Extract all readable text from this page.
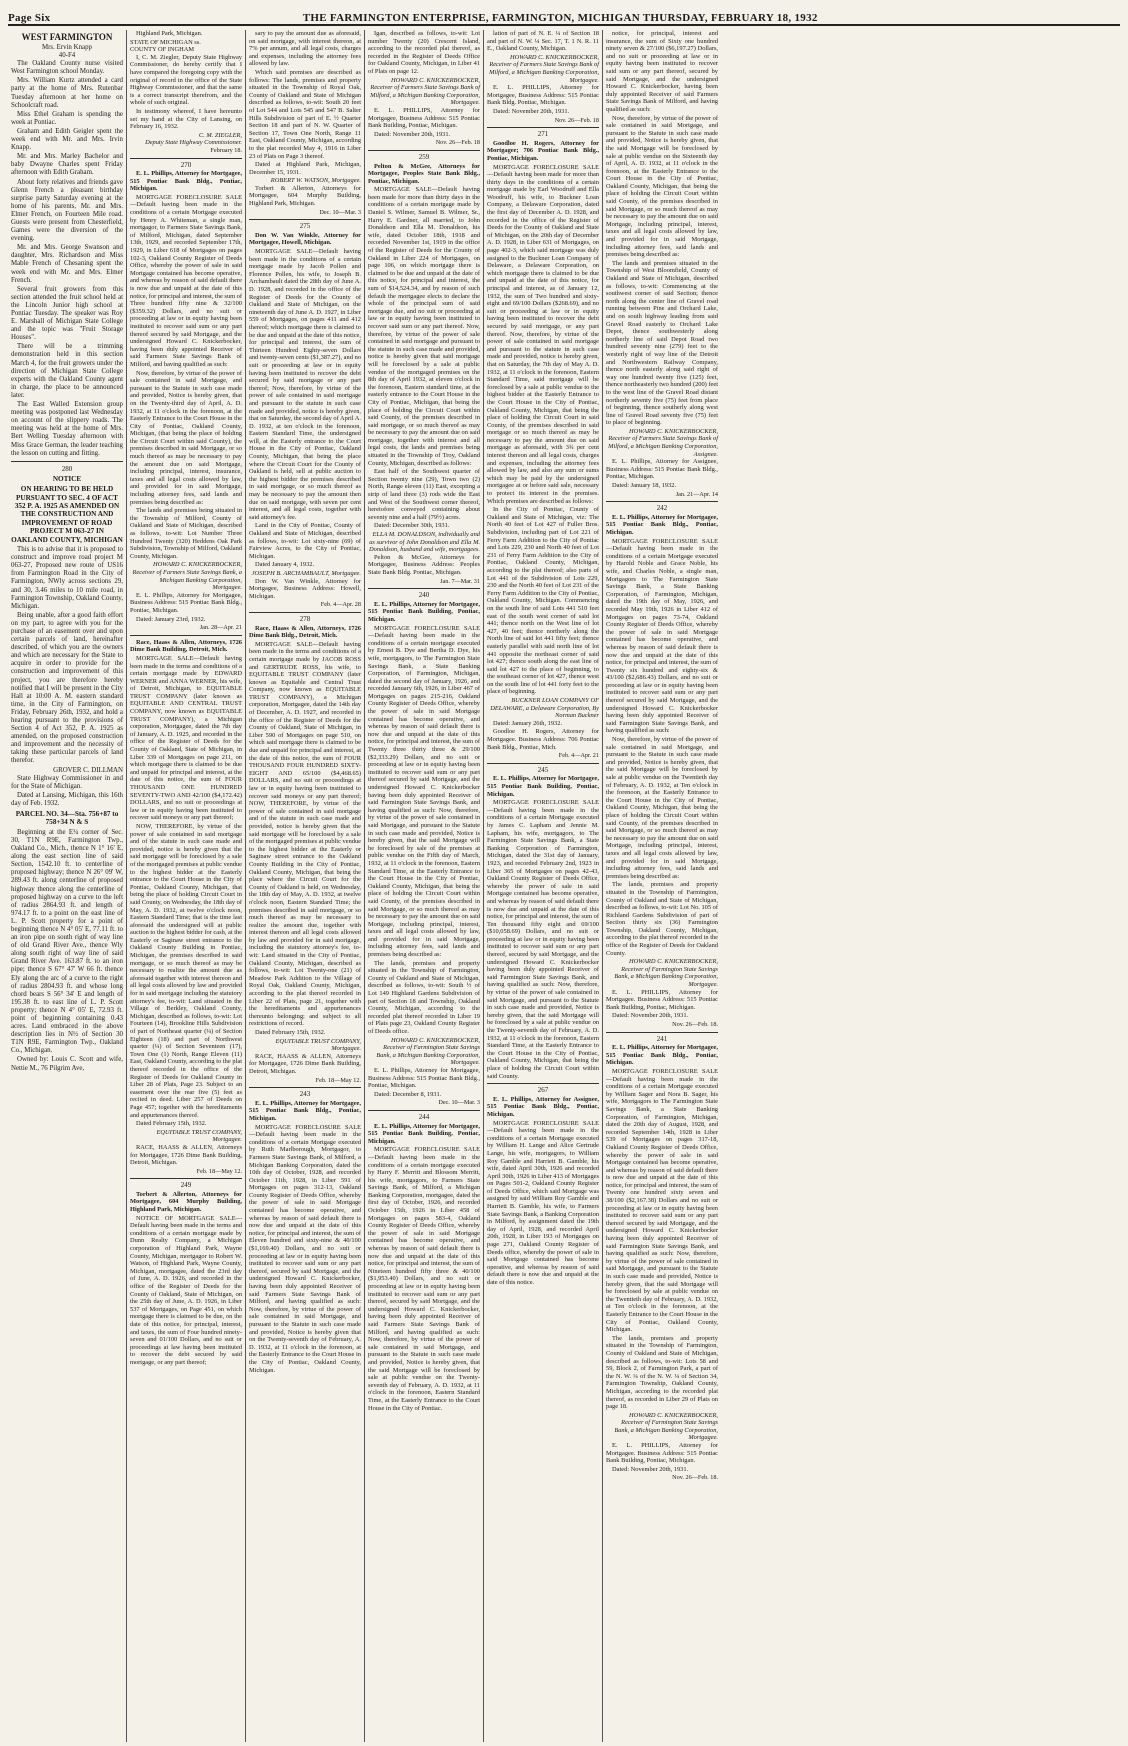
Page Six	THE FARMINGTON ENTERPRISE, FARMINGTON, MICHIGAN THURSDAY, FEBRUARY 18, 1932
WEST FARMINGTON
Mrs. Ervin Knapp
40-F4

The Oakland County nurse visited West Farmington school Monday.

Mrs. William Kurtz attended a card party at the home of Mrs. Rutenbar Tuesday afternoon at her home on Schoolcraft road.

Miss Ethel Graham is spending the week at Pontiac.

Graham and Edith Geigler spent the week end with Mr. and Mrs. Irvin Knapp.

Mr. and Mrs. Marley Bachelor and baby Dwayne Charles spent Friday afternoon with Edith Graham.

About forty relatives and friends gave Glenn French a pleasant birthday surprise party Saturday evening at the home of his parents, Mr. and Mrs. Elmer French, on Fourteen Mile road. Guests were present from Chesterfield, Games were the diversion of the evening.

Mr. and Mrs. George Swanson and daughter, Mrs. Richardson and Miss Mable French of Chesaning spent the week end with Mr. and Mrs. Elmer French.

Several fruit growers from this section attended the fruit school held at the Lincoln Junior high school at Pontiac Tuesday. The speaker was Roy E. Marshall of Michigan State College and the topic was "Fruit Storage Houses".

There will be a trimming demonstration held in this section March 4, for the fruit growers under the direction of Michigan State College experts with the Oakland County agent in charge, the place to be announced later.

The East Walled Extension group meeting was postponed last Wednesday on account of the slippery roads. The meeting was held at the home of Mrs. Bert Welling Tuesday afternoon with Miss Grace German, the leader teaching the lesson on cutting and fitting.

280
NOTICE
ON HEARING TO BE HELD PURSUANT TO SEC. 4 OF ACT 352 P. A. 1925 AS AMENDED ON THE CONSTRUCTION AND IMPROVEMENT OF ROAD PROJECT M 063-27 IN OAKLAND COUNTY, MICHIGAN

This is to advise that it is proposed to construct and improve road project M 063-27, Proposed new route of US16 from Farmington Road in the City of Farmington, NWly across sections 29, and 30, 3.46 miles to 10 mile road, in Farmington Township, Oakland County, Michigan.

Being unable, after a good faith effort on my part, to agree with you for the purchase of an easement over and upon certain parcels of land, hereinafter described, of which you are the owners and which are necessary for the State to acquire in order to provide for the construction and improvement of this project, you are therefore hereby notified that I will be present in the City Hall at 10:00 A. M. eastern standard time, in the City of Farmington, on Friday, February 26th, 1932, and hold a hearing pursuant to the provisions of Section 4 of Act 352, P. A. 1925 as amended, on the proposed construction and improvement and the necessity of taking these particular parcels of land therefor.

GROVER C. DILLMAN

State Highway Commissioner in and for the State of Michigan.

Dated at Lansing, Michigan, this 16th day of Feb. 1932.

PARCEL NO. 34—Sta. 756+87 to 758+34 N & S

Beginning at the E¼ corner of Sec. 30, T1N R9E, Farmington Twp., Oakland Co., Mich., thence N 1° 16' E, along the east section line of said Section, 1542.10 ft. to centerline of proposed highway; thence N 26° 09' W, 289.43 ft. along centerline of proposed highway thence along the centerline of proposed highway on a curve to the left of radius 2864.93 ft. and length of 974.17 ft. to a point on the east line of L. P. Scott property for a point of beginning thence N 4° 05' E, 77.11 ft. to an iron pipe on south right of way line of old Grand River Ave., thence Wly along south right of way line of said Grand River Ave. 163.87 ft. to an iron pipe; thence S 67° 47' W 66 ft. thence Ely along the arc of a curve to the right of radius 2804.93 ft. and whose long chord bears S 56° 34' E and length of 195.38 ft. to east line of L. P. Scott property; thence N 4° 05' E, 72.93 ft. point of beginning containing 0.43 acres. Land embraced in the above description lies in N½ of Section 30 T1N R9E, Farmington Twp., Oakland Co., Michigan.

Owned by: Louis C. Scott and wife, Nettie M., 76 Pilgrim Ave,

Highland Park, Michigan.

STATE OF MICHIGAN ss.
COUNTY OF INGHAM

I, C. M. Ziegler, Deputy State Highway Commissioner, do hereby certify that I have compared the foregoing copy with the original of record in the office of the State Highway Commissioner, and that the same is a correct transcript therefrom, and the whole of such original.

In testimony whereof, I have hereunto set my hand at the City of Lansing, on February 16, 1932.

C. M. ZIEGLER,
Deputy State Highway Commissioner.
February 18.
270

E. L. Phillips, Attorney for Mortgagee, 515 Pontiac Bank Bldg., Pontiac, Michigan.

MORTGAGE FORECLOSURE SALE—Default having been made in the conditions of a certain Mortgage executed by Henry A. Whiteman, a single man, mortgagor, to Farmers State Savings Bank, of Milford, Michigan, dated September 13th, 1929, and recorded September 17th, 1929, in Liber 618 of Mortgages on pages 102-3, Oakland County Register of Deeds Office, whereby the power of sale in said Mortgage contained has become operative, and whereas by reason of said default there is now due and unpaid at the date of this notice, for principal and interest, the sum of Three hundred fifty nine & 32/100 ($359.32) Dollars, and no suit or proceeding at law or in equity having been instituted to recover said sum or any part thereof secured by said Mortgage, and the undersigned Howard C. Knickerbocker, having been duly appointed Receiver of said Farmers State Savings Bank of Milford, and having qualified as such:

Now, therefore, by virtue of the power of sale contained in said Mortgage, and pursuant to the Statute in such case made and provided, Notice is hereby given, that on the Twenty-third day of April, A. D. 1932, at 11 o'clock in the forenoon, at the Easterly Entrance to the Court House in the City of Pontiac, Oakland County, Michigan, (that being the place of holding the Circuit Court within said County), the premises described in said Mortgage, or so much thereof as may be necessary to pay the amount due on said Mortgage, including principal, interest, insurance, taxes and all legal costs allowed by law, and provided for in said Mortgage, including attorney fees, said lands and premises being described as:

The lands and premises being situated in the Township of Milford, County of Oakland and State of Michigan, described as follows, to-wit: Lot Number Three Hundred Twenty (320) Heddens Oak Park Subdivision, Township of Milford, Oakland County, Michigan.

HOWARD C. KNICKERBOCKER, Receiver of Farmers State Savings Bank, a Michigan Banking Corporation, Mortgagee.

E. L. Phillips, Attorney for Mortgagee, Business Address: 515 Pontiac Bank Bldg., Pontiac, Michigan.

Dated: January 23rd, 1932.

Jan. 28—Apr. 21

Race, Haass & Allen, Attorneys, 1726 Dime Bank Building, Detroit, Mich.

MORTGAGE SALE—Default having been made in the terms and conditions of a certain mortgage made by EDWARD WERNER and ANNA WERNER, his wife, of Detroit, Michigan, to EQUITABLE TRUST COMPANY (later known as EQUITABLE AND CENTRAL TRUST COMPANY, now known as EQUITABLE TRUST COMPANY), a Michigan corporation, Mortgagee, dated the 7th day of January, A. D. 1925, and recorded in the office of the Register of Deeds for the County of Oakland, State of Michigan, in Liber 339 of Mortgages on page 211, on which mortgage there is claimed to be due and unpaid for principal and interest, at the date of this notice, the sum of FOUR THOUSAND ONE HUNDRED SEVENTY-TWO AND 42/100 ($4,172.42) DOLLARS, and no suit or proceedings at law or in equity having been instituted to recover said moneys or any part thereof;

NOW, THEREFORE, by virtue of the power of sale contained in said mortgage and of the statute in such case made and provided, notice is hereby given that the said mortgage will be foreclosed by a sale of the mortgaged premises at public vendue to the highest bidder at the Easterly entrance to the Court House in the City of Pontiac, Oakland County, Michigan, that being the place of holding Circuit Court in said County, on Wednesday, the 18th day of May, A. D. 1932, at twelve o'clock noon, Eastern Standard Time; that is the time last aforesaid the undersigned will at public auction to the highest bidder for cash, at the Easterly or Saginaw street entrance to the Oakland County Building in Pontiac, Michigan, the premises described in said mortgage, or so much thereof as may be necessary to realize the amount due as aforesaid together with interest thereon and all legal costs allowed by law and provided for in said mortgage including the statutory attorney's fee, to-wit: Land situated in the Village of Berkley, Oakland County, Michigan, described as follows, to-wit: Lot Fourteen (14), Brookline Hills Subdivision of part of Northeast quarter (¼) of Section Eighteen (18) and part of Northwest quarter (¼) of Section Seventeen (17), Town One (1) North, Range Eleven (11) East, Oakland County, according to the plat thereof recorded in the office of the Register of Deeds for Oakland County in Liber 28 of Plats, Page 23. Subject to an easement over the rear five (5) feet as recited in deed. Liber 257 of Deeds on Page 457; together with the hereditaments and appurtenances thereof.

Dated February 15th, 1932.

EQUITABLE TRUST COMPANY, Mortgagee.

RACE, HAASS & ALLEN, Attorneys for Mortgagee, 1726 Dime Bank Building, Detroit, Michigan.

Feb. 18—May 12.
249

Torbert & Allerton, Attorneys for Mortgagee, 604 Murphy Building, Highland Park, Michigan.

NOTICE OF MORTGAGE SALE—Default having been made in the terms and conditions of a certain mortgage made by Dunn Realty Company, a Michigan corporation of Highland Park, Wayne County, Michigan, mortgagor to Robert W. Watson, of Highland Park, Wayne County, Michigan, mortgagee, dated the 23rd day of June, A. D. 1926, and recorded in the office of the Register of Deeds for the County of Oakland, State of Michigan, on the 25th day of June, A. D. 1926, in Liber 537 of Mortgages, on Page 451, on which mortgage there is claimed to be due, on the date of this notice, for principal, interest, and taxes, the sum of Four hundred ninety-seven and 01/100 Dollars, and no suit or proceedings at law having been instituted to recover the debt secured by said mortgage, or any part thereof;

sary to pay the amount due as aforesaid, on said mortgage, with interest thereon, at 7% per annum, and all legal costs, charges and expenses, including the attorney fees allowed by law.

Which said premises are described as follows: The lands, premises and property situated in the Township of Royal Oak, County of Oakland and State of Michigan described as follows, to-wit: South 20 feet of Lot 544 and Lots 545 and 547 B. Salter Hills Subdivision of part of E. ½ Quarter Section 18 and part of N. W. Quarter of Section 17, Town One North, Range 11 East, Oakland County, Michigan, according to the plat recorded May 4, 1916 in Liber 23 of Plats on Page 3 thereof.

Dated at Highland Park, Michigan, December 15, 1931.

ROBERT W. WATSON, Mortgagee.

Torbert & Allerton, Attorneys for Mortgagee, 604 Murphy Building, Highland Park, Michigan.

Dec. 10—Mar. 3
275

Don W. Van Winkle, Attorney for Mortgagee, Howell, Michigan.

MORTGAGE SALE—Default having been made in the conditions of a certain mortgage made by Jacob Pollen and Florence Pollen, his wife, to Joseph B. Archambault dated the 28th day of June A. D. 1928, and recorded in the office of the Register of Deeds for the County of Oakland and State of Michigan, on the nineteenth day of June A. D. 1927, in Liber 559 of Mortgages, on pages 411 and 412 thereof; which mortgage there is claimed to be due and unpaid at the date of this notice, for principal and interest, the sum of Thirteen Hundred Eighty-seven Dollars and twenty-seven cents ($1,387.27), and no suit or proceeding at law or in equity having been instituted to recover the debt secured by said mortgage or any part thereof; Now, therefore, by virtue of the power of sale contained in said mortgage and pursuant to the statute in such case made and provided, notice is hereby given, that on Saturday, the second day of April A. D. 1932, at ten o'clock in the forenoon, Eastern Standard Time, the undersigned will, at the Easterly entrance to the Court House in the City of Pontiac, Oakland County, Michigan, that being the place where the Circuit Court for the County of Oakland is held, sell at public auction to the highest bidder the premises described in said mortgage, or so much thereof as may be necessary to pay the amount then due on said mortgage, with seven per cent interest, and all legal costs, together with said attorney's fee.

Land in the City of Pontiac, County of Oakland and State of Michigan, described as follows, to-wit: Lot sixty-nine (69) of Fairview Acres, to the City of Pontiac, Michigan.

Dated January 4, 1932.

JOSEPH B. ARCHAMBAULT, Mortgagee.

Don W. Van Winkle, Attorney for Mortgagee, Business Address: Howell, Michigan.

Feb. 4—Apr. 28
278

Race, Haass & Allen, Attorneys, 1726 Dime Bank Bldg., Detroit, Mich.

MORTGAGE SALE—Default having been made in the terms and conditions of a certain mortgage made by JACOB ROSS and GERTRUDE ROSS, his wife, to EQUITABLE TRUST COMPANY (later known as Equitable and Central Trust Company, now known as EQUITABLE TRUST COMPANY), a Michigan corporation, Mortgagee, dated the 14th day of December, A. D. 1927, and recorded in the office of the Register of Deeds for the County of Oakland, State of Michigan, in Liber 590 of Mortgages on page 510, on which said mortgage there is claimed to be due and unpaid for principal and interest, at the date of this notice, the sum of FOUR THOUSAND FOUR HUNDRED SIXTY-EIGHT AND 65/100 ($4,468.65) DOLLARS, and no suit or proceedings at law or in equity having been instituted to recover said moneys or any part thereof; NOW, THEREFORE, by virtue of the power of sale contained in said mortgage and of the statute in such case made and provided, notice is hereby given that the said mortgage will be foreclosed by a sale of the mortgaged premises at public vendue to the highest bidder at the Easterly or Saginaw street entrance to the Oakland County Building in the City of Pontiac, Oakland County, Michigan, that being the place where the Circuit Court for the County of Oakland is held, on Wednesday, the 18th day of May, A. D. 1932, at twelve o'clock noon, Eastern Standard Time; the premises described in said mortgage, or so much thereof as may be necessary to realize the amount due, together with interest thereon and all legal costs allowed by law and provided for in said mortgage, including the statutory attorney's fee, to-wit: Land situated in the City of Pontiac, Oakland County, Michigan, described as follows, to-wit: Lot Twenty-one (21) of Meadow Park Addition to the Village of Royal Oak, Oakland County, Michigan, according to the plat thereof recorded in Liber 22 of Plats, page 21, together with the hereditaments and appurtenances thereunto belonging; and subject to all restrictions of record.

Dated February 15th, 1932.

EQUITABLE TRUST COMPANY, Mortgagee.

RACE, HAASS & ALLEN, Attorneys for Mortgagee, 1726 Dime Bank Building, Detroit, Michigan.

Feb. 18—May 12.
243

E. L. Phillips, Attorney for Mortgagee, 515 Pontiac Bank Bldg., Pontiac, Michigan.

MORTGAGE FORECLOSURE SALE—Default having been made in the conditions of a certain Mortgage executed by Ruth Marlborough, Mortgagor, to Farmers State Savings Bank, of Milford, a Michigan Banking Corporation, dated the 10th day of October, 1928, and recorded October 11th, 1928, in Liber 591 of Mortgages on pages 312-13, Oakland County Register of Deeds Office, whereby the power of sale in said Mortgage contained has become operative, and whereas by reason of said default there is now due and unpaid at the date of this notice, for principal and interest, the sum of Eleven hundred and sixty-nine & 40/100 ($1,169.40) Dollars, and no suit or proceeding at law or in equity having been instituted to recover said sum or any part thereof, secured by said Mortgage, and the undersigned Howard C. Knickerbocker, having been duly appointed Receiver of said Farmers State Savings Bank of Milford, and having qualified as such: Now, therefore, by virtue of the power of sale contained in said Mortgage, and pursuant to the Statute in such case made and provided, Notice is hereby given that on the Twenty-seventh day of February, A. D. 1932, at 11 o'clock in the forenoon, at the Easterly Entrance to the Court House in the City of Pontiac, Oakland County, Michigan.

Igan, described as follows, to-wit: Lot number Twenty (20) Crescent Island, according to the recorded plat thereof, as recorded in the Register of Deeds Office for Oakland County, Michigan, in Liber 41 of Plats on page 12.

HOWARD C. KNICKERBOCKER, Receiver of Farmers State Savings Bank of Milford, a Michigan Banking Corporation, Mortgagee.

E. L. PHILLIPS, Attorney for Mortgagee, Business Address: 515 Pontiac Bank Building, Pontiac, Michigan.

Dated: November 20th, 1931.

Nov. 26—Feb. 18
259

Pelton & McGee, Attorneys for Mortgagee, Peoples State Bank Bldg., Pontiac, Michigan.

MORTGAGE SALE—Default having been made for more than thirty days in the conditions of a certain mortgage made by Daniel S. Wilmer, Samuel B. Wilmer, Sr., Harry E. Gardner, all married, to John Donaldson and Ella M. Donaldson, his wife, dated October 18th, 1918 and recorded November 1st, 1919 in the office of the Register of Deeds for the County of Oakland in Liber 224 of Mortgages, on page 106, on which mortgage there is claimed to be due and unpaid at the date of this notice, for principal and interest, the sum of $14,524.34, and by reason of such default the mortgagee elects to declare the whole of the principal sum of said mortgage due, and no suit or proceeding at law or in equity having been instituted to recover said sum or any part thereof. Now, therefore, by virtue of the power of sale contained in said mortgage and pursuant to the statute in such case made and provided, notice is hereby given that said mortgage will be foreclosed by a sale at public vendue of the mortgaged premises on the 8th day of April 1932, at eleven o'clock in the forenoon, Eastern standard time, at the easterly entrance to the Court House in the City of Pontiac, Michigan, that being the place of holding the Circuit Court within said County, of the premises described in said mortgage, or so much thereof as may be necessary to pay the amount due on said mortgage, together with interest and all legal costs, the lands and premises being situated in the Township of Troy, Oakland County, Michigan, described as follows:

East half of the Southwest quarter of Section twenty nine (29), Town two (2) North, Range eleven (11) East, excepting a strip of land three (3) rods wide the East and West of the Southwest corner thereof, heretofore conveyed containing about seventy nine and a half (79½) acres.

Dated: December 30th, 1931.

ELLA M. DONALDSON, individually and as survivor of John Donaldson and Ella M. Donaldson, husband and wife, mortgagees.

Pelton & McGee, Attorneys for Mortgagee, Business Address: Peoples State Bank Bldg. Pontiac, Michigan.

Jan. 7—Mar. 31
240

E. L. Phillips, Attorney for Mortgagee, 515 Pontiac Bank Building, Pontiac, Michigan.

MORTGAGE FORECLOSURE SALE—Default having been made in the conditions of a certain mortgage executed by Ernest B. Dye and Bertha D. Dye, his wife, mortgagors, to The Farmington State Savings Bank, a State Banking Corporation, of Farmington, Michigan, dated the second day of January, 1926, and recorded January 6th, 1926, in Liber 467 of Mortgages on pages 215-216, Oakland County Register of Deeds Office, whereby the power of sale in said Mortgage contained has become operative, and whereas by reason of said default there is now due and unpaid at the date of this notice, for principal and interest, the sum of Twenty three thirty three & 29/100 ($2,333.29) Dollars, and no suit or proceeding at law or in equity having been instituted to recover said sum or any part thereof secured by said Mortgage, and the undersigned Howard C. Knickerbocker having been duly appointed Receiver of said Farmington State Savings Bank, and having qualified as such: Now, therefore, by virtue of the power of sale contained in said Mortgage, and pursuant to the Statute in such case made and provided, Notice is hereby given, that the said Mortgage will be foreclosed by sale of the premises at public vendue on the Fifth day of March, 1932, at 11 o'clock in the forenoon, Eastern Standard Time, at the Easterly Entrance to the Court House in the City of Pontiac, Oakland County, Michigan, that being the place of holding the Circuit Court within said County, of the premises described in said Mortgage, or so much thereof as may be necessary to pay the amount due on said Mortgage, including principal, interest, taxes and all legal costs allowed by law, and provided for in said Mortgage, including attorney fees, said lands and premises being described as:

The lands, premises and property situated in the Township of Farmington, County of Oakland and State of Michigan, described as follows, to-wit: South ½ of Lot 149 Highland Gardens Subdivision of part of Section 18 and Township, Oakland County, Michigan, according to the recorded plat thereof recorded in Liber 19 of Plats page 23, Oakland County Register of Deeds office.

HOWARD C. KNICKERBOCKER, Receiver of Farmington State Savings Bank, a Michigan Banking Corporation, Mortgagee.

E. L. Phillips, Attorney for Mortgagee, Business Address: 515 Pontiac Bank Bldg., Pontiac, Michigan.

Dated: December 8, 1931.

Dec. 10—Mar. 3
244

E. L. Phillips, Attorney for Mortgagee, 515 Pontiac Bank Building, Pontiac, Michigan.

MORTGAGE FORECLOSURE SALE—Default having been made in the conditions of a certain mortgage executed by Harry F. Merritt and Blossom Merritt, his wife, mortgagors, to Farmers State Savings Bank, of Milford, a Michigan Banking Corporation, mortgagee, dated the first day of October, 1926, and recorded October 15th, 1926 in Liber 458 of Mortgages on pages 583-4, Oakland County Register of Deeds Office, whereby the power of sale in said Mortgage contained has become operative, and whereas by reason of said default there is now due and unpaid at the date of this notice, for principal and interest, the sum of Nineteen hundred fifty three & 40/100 ($1,953.40) Dollars, and no suit or proceeding at law or in equity having been instituted to recover said sum or any part thereof, secured by said Mortgage, and the undersigned Howard C. Knickerbocker, having been duly appointed Receiver of said Farmers State Savings Bank of Milford, and having qualified as such: Now, therefore, by virtue of the power of sale contained in said Mortgage, and pursuant to the Statute in such case made and provided, Notice is hereby given, that the said Mortgage will be foreclosed by sale at public vendue on the Twenty-seventh day of February, A. D. 1932, at 11 o'clock in the forenoon, Eastern Standard Time, at the Easterly Entrance to the Court House in the City of Pontiac.

lation of part of N. E. ¼ of Section 18 and part of N. W. ¼ Sec. 17, T. 1 N. R. 11 E., Oakland County, Michigan.

HOWARD C. KNICKERBOCKER, Receiver of Farmers State Savings Bank of Milford, a Michigan Banking Corporation, Mortgagee.

E. L. PHILLIPS, Attorney for Mortgagee, Business Address: 515 Pontiac Bank Bldg. Pontiac, Michigan.

Dated: November 20th, 1931.

Nov. 26—Feb. 18
271

Goodloe H. Rogers, Attorney for Mortgagee; 706 Pontiac Bank Bldg., Pontiac, Michigan.

MORTGAGE FORECLOSURE SALE—Default having been made for more than thirty days in the conditions of a certain mortgage made by Earl Woodruff and Ella Woodruff, his wife, to Buckner Loan Company, a Delaware Corporation, dated the first day of December A. D. 1928, and recorded in the office of the Register of Deeds for the County of Oakland and State of Michigan, on the 20th day of December A. D. 1928, in Liber 631 of Mortgages, on page 402-3, which said mortgage was duly assigned to the Buckner Loan Company of Delaware, a Delaware Corporation, on which mortgage there is claimed to be due and unpaid at the date of this notice, for principal and interest, as of January 12, 1932, the sum of Two hundred and sixty-eight and 69/100 Dollars ($268.69), and no suit or proceeding at law or in equity having been instituted to recover the debt secured by said mortgage, or any part thereof. Now, therefore, by virtue of the power of sale contained in said mortgage and pursuant to the statute in such case made and provided, notice is hereby given, that on Saturday, the 7th day of May A. D. 1932, at 11 o'clock in the forenoon, Eastern Standard Time, said mortgage will be foreclosed by a sale at public vendue to the highest bidder at the Easterly Entrance to the Court House in the City of Pontiac, Oakland County, Michigan, that being the place of holding the Circuit Court in said County, of the premises described in said mortgage or so much thereof as may be necessary to pay the amount due on said mortgage as aforesaid, with 3¾ per cent interest thereon and all legal costs, charges and expenses, including the attorney fees allowed by law, and also any sum or sums which may be paid by the undersigned mortgagee at or before said sale, necessary to protect its interest in the premises. Which premises are described as follows:

In the City of Pontiac, County of Oakland and State of Michigan, viz: The North 40 feet of Lot 427 of Fuller Bros. Subdivision, including part of Lot 221 of Ferry Farm Addition to the City of Pontiac and Lots 229, 230 and North 40 feet of Lot 231 of Ferry Farm Addition to the City of Pontiac, Oakland County, Michigan, according to the plat thereof; also parts of Lot 441 of the Subdivision of Lots 229, 230 and the North 40 feet of Lot 231 of the Ferry Farm Addition to the City of Pontiac, Oakland County, Michigan. Commencing on the south line of said Lots 441 510 feet east of the south west corner of said lot 441; thence north on the West line of lot 427, 40 feet; thence northerly along the North line of said lot 441 fifty feet; thence easterly parallel with said north line of lot 441 opposite the northeast corner of said lot 427; thence south along the east line of said lot 427 to the place of beginning, to the southeast corner of lot 427, thence west on the south line of lot 441 forty feet to the place of beginning.

BUCKNER LOAN COMPANY OF DELAWARE, a Delaware Corporation, By Norman Buckner

Dated: January 26th, 1932.

Goodloe H. Rogers, Attorney for Mortgagee. Business Address: 706 Pontiac Bank Bldg., Pontiac, Mich.

Feb. 4—Apr. 21
245

E. L. Phillips, Attorney for Mortgagee, 515 Pontiac Bank Building, Pontiac, Michigan.

MORTGAGE FORECLOSURE SALE—Default having been made in the conditions of a certain Mortgage executed by James C. Lapham and Jennie M. Lapham, his wife, mortgagors, to The Farmington State Savings Bank, a State Banking Corporation of Farmington, Michigan, dated the 31st day of January, 1923, and recorded February 2nd, 1923 in Liber 365 of Mortgages on pages 42-43, Oakland County Register of Deeds Office, whereby the power of sale in said Mortgage contained has become operative, and whereas by reason of said default there is now due and unpaid at the date of this notice, for principal and interest, the sum of Ten thousand fifty eight and 69/100 ($10,058.69) Dollars, and no suit or proceeding at law or in equity having been instituted to recover said sum or any part thereof, secured by said Mortgage, and the undersigned Howard C. Knickerbocker having been duly appointed Receiver of said Farmington State Savings Bank, and having qualified as such: Now, therefore, by virtue of the power of sale contained in said Mortgage, and pursuant to the Statute in such case made and provided, Notice is hereby given, that the said Mortgage will be foreclosed by a sale at public vendue on the Twenty-seventh day of February, A. D. 1932, at 11 o'clock in the forenoon, Eastern Standard Time, at the Easterly Entrance to the Court House in the City of Pontiac, Oakland County, Michigan, that being the place of holding the Circuit Court within said County.

267

E. L. Phillips, Attorney for Assignee, 515 Pontiac Bank Bldg., Pontiac, Michigan.

MORTGAGE FORECLOSURE SALE—Default having been made in the conditions of a certain Mortgage executed by William H. Lange and Alice Gertrude Lange, his wife, mortgagors, to William Roy Gamble and Harriett B. Gamble, his wife, dated April 30th, 1926 and recorded April 30th, 1926 in Liber 413 of Mortgages on Pages 501-2, Oakland County Register of Deeds Office, which said Mortgage was assigned by said William Roy Gamble and Harriett B. Gamble, his wife, to Farmers State Savings Bank, a Banking Corporation in Milford, by assignment dated the 19th day of April, 1928, and recorded April 20th, 1928, in Liber 193 of Mortgages on page 271, Oakland County Register of Deeds office, whereby the power of sale in said Mortgage contained has become operative, and whereas by reason of said default there is now due and unpaid at the date of this notice.

notice, for principal, interest and insurance, the sum of Sixty one hundred ninety seven & 27/100 ($6,197.27) Dollars, and no suit or proceeding at law or in equity having been instituted to recover said sum or any part thereof, secured by said Mortgage, and the undersigned Howard C. Knickerbocker, having been duly appointed Receiver of said Farmers State Savings Bank of Milford, and having qualified as such:

Now, therefore, by virtue of the power of sale contained in said Mortgage, and pursuant to the Statute in such case made and provided, Notice is hereby given, that the said Mortgage will be foreclosed by sale at public vendue on the Sixteenth day of April, A. D. 1932, at 11 o'clock in the forenoon, at the Easterly Entrance to the Court House in the City of Pontiac, Oakland County, Michigan, that being the place of holding the Circuit Court within said County, of the premises described in said Mortgage, or so much thereof as may be necessary to pay the amount due on said Mortgage, including principal, interest, taxes and all legal costs allowed by law, and provided for in said Mortgage, including attorney fees, said lands and premises being described as:

The lands and premises situated in the Township of West Bloomfield, County of Oakland and State of Michigan, described as follows, to-wit: Commencing at the southwest corner of said Section; thence north along the center line of Gravel road running between Pine and Orchard Lake, and on south highway leading from said Gravel Road easterly to Orchard Lake Depot, thence southwesterly along northerly line of said Depot Road two hundred seventy nine (279) feet to the westerly right of way line of the Detroit and Northwestern Railway Company, thence north easterly along said right of way one hundred twenty five (125) feet, thence northeasterly two hundred (200) feet to the west line of the Gravel Road distant northerly seventy five (75) feet from place of beginning, thence southerly along west line of Gravel Road seventy five (75) feet to place of beginning.

HOWARD C. KNICKERBOCKER, Receiver of Farmers State Savings Bank of Milford, a Michigan Banking Corporation, Assignee.

E. L. Phillips, Attorney for Assignee, Business Address: 515 Pontiac Bank Bldg., Pontiac, Michigan.

Dated: January 18, 1932.

Jan. 21—Apr. 14
242

E. L. Phillips, Attorney for Mortgagee, 515 Pontiac Bank Bldg., Pontiac, Michigan.

MORTGAGE FORECLOSURE SALE—Default having been made in the conditions of a certain Mortgage executed by Harold Noble and Grace Noble, his wife, and Charles Noble, a single man, Mortgagors to The Farmington State Savings Bank, a State Banking Corporation, of Farmington, Michigan, dated the 19th day of May, 1926, and recorded May 19th, 1926 in Liber 412 of Mortgages on pages 73-74, Oakland County Register of Deeds Office, whereby the power of sale in said Mortgage contained has become operative, and whereas by reason of said default there is now due and unpaid at the date of this notice, for principal and interest, the sum of Twenty six hundred and eighty-six & 43/100 ($2,686.43) Dollars, and no suit or proceeding at law or in equity having been instituted to recover said sum or any part thereof secured by said Mortgage, and the undersigned Howard C. Knickerbocker having been duly appointed Receiver of said Farmington State Savings Bank, and having qualified as such:

Now, therefore, by virtue of the power of sale contained in said Mortgage, and pursuant to the Statute in such case made and provided, Notice is hereby given, that the said Mortgage will be foreclosed by sale at public vendue on the Twentieth day of February, A. D. 1932, at Ten o'clock in the forenoon, at the Easterly Entrance to the Court House in the City of Pontiac, Oakland County, Michigan, that being the place of holding the Circuit Court within said County, of the premises described in said Mortgage, or so much thereof as may be necessary to pay the amount due on said Mortgage, including principal, interest, taxes and all legal costs allowed by law, and provided for in said Mortgage, including attorney fees, said lands and premises being described as:

The lands, premises and property situated in the Township of Farmington, County of Oakland and State of Michigan, described as follows, to-wit: Lot No. 105 of Richland Gardens Subdivision of part of Section thirty six (36) Farmington Township, Oakland County, Michigan, according to the plat thereof recorded in the office of the Register of Deeds for Oakland County.

HOWARD C. KNICKERBOCKER, Receiver of Farmington State Savings Bank, a Michigan Banking Corporation, Mortgagee.

E. L. PHILLIPS, Attorney for Mortgagee. Business Address: 515 Pontiac Bank Building, Pontiac, Michigan.

Dated: November 20th, 1931.

Nov. 26—Feb. 18.
241

E. L. Phillips, Attorney for Mortgagee, 515 Pontiac Bank Bldg., Pontiac, Michigan.

MORTGAGE FORECLOSURE SALE—Default having been made in the conditions of a certain Mortgage executed by William Sager and Nora B. Sager, his wife, Mortgagors to The Farmington State Savings Bank, a State Banking Corporation, of Farmington, Michigan, dated the 20th day of August, 1928, and recorded September 14th, 1928 in Liber 539 of Mortgages on pages 317-18, Oakland County Register of Deeds Office, whereby the power of sale in said Mortgage contained has become operative, and whereas by reason of said default there is now due and unpaid at the date of this notice, for principal and interest, the sum of Twenty one hundred sixty seven and 38/100 ($2,167.38) Dollars and no suit or proceeding at law or in equity having been instituted to recover said sum or any part thereof secured by said Mortgage, and the undersigned Howard C. Knickerbocker having been duly appointed Receiver of said Farmington State Savings Bank, and having qualified as such: Now, therefore, by virtue of the power of sale contained in said Mortgage, and pursuant to the Statute in such case made and provided, Notice is hereby given, that the said Mortgage will be foreclosed by sale at public vendue on the Twentieth day of February, A. D. 1932, at Ten o'clock in the forenoon, at the Easterly Entrance to the Court House in the City of Pontiac, Oakland County, Michigan.

The lands, premises and property situated in the Township of Farmington, County of Oakland and State of Michigan, described as follows, to-wit: Lots 58 and 59, Block 2, of Farmington Park, a part of the N. W. ¼ of the N. W. ¼ of Section 34, Farmington Township, Oakland County, Michigan, according to the recorded plat thereof, as recorded in Liber 29 of Plats on page 18.

HOWARD C. KNICKERBOCKER, Receiver of Farmington State Savings Bank, a Michigan Banking Corporation, Mortgagee.

E. L. PHILLIPS, Attorney for Mortgagee. Business Address: 515 Pontiac Bank Building, Pontiac, Michigan.

Dated: November 20th, 1931.

Nov. 26—Feb. 18.
